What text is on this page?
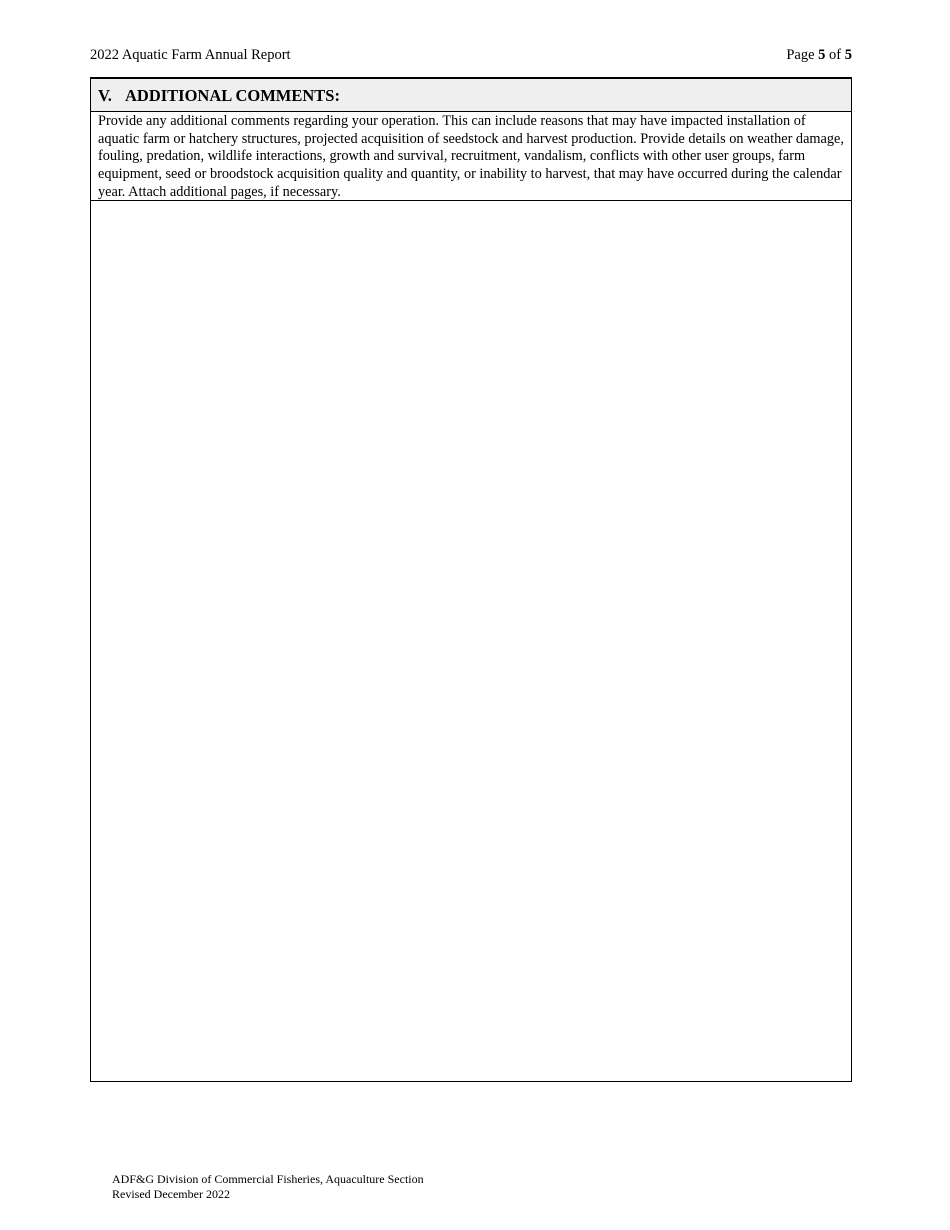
2022 Aquatic Farm Annual Report	Page 5 of 5
V. ADDITIONAL COMMENTS:
Provide any additional comments regarding your operation. This can include reasons that may have impacted installation of aquatic farm or hatchery structures, projected acquisition of seedstock and harvest production. Provide details on weather damage, fouling, predation, wildlife interactions, growth and survival, recruitment, vandalism, conflicts with other user groups, farm equipment, seed or broodstock acquisition quality and quantity, or inability to harvest, that may have occurred during the calendar year. Attach additional pages, if necessary.
ADF&G Division of Commercial Fisheries, Aquaculture Section
Revised December 2022
